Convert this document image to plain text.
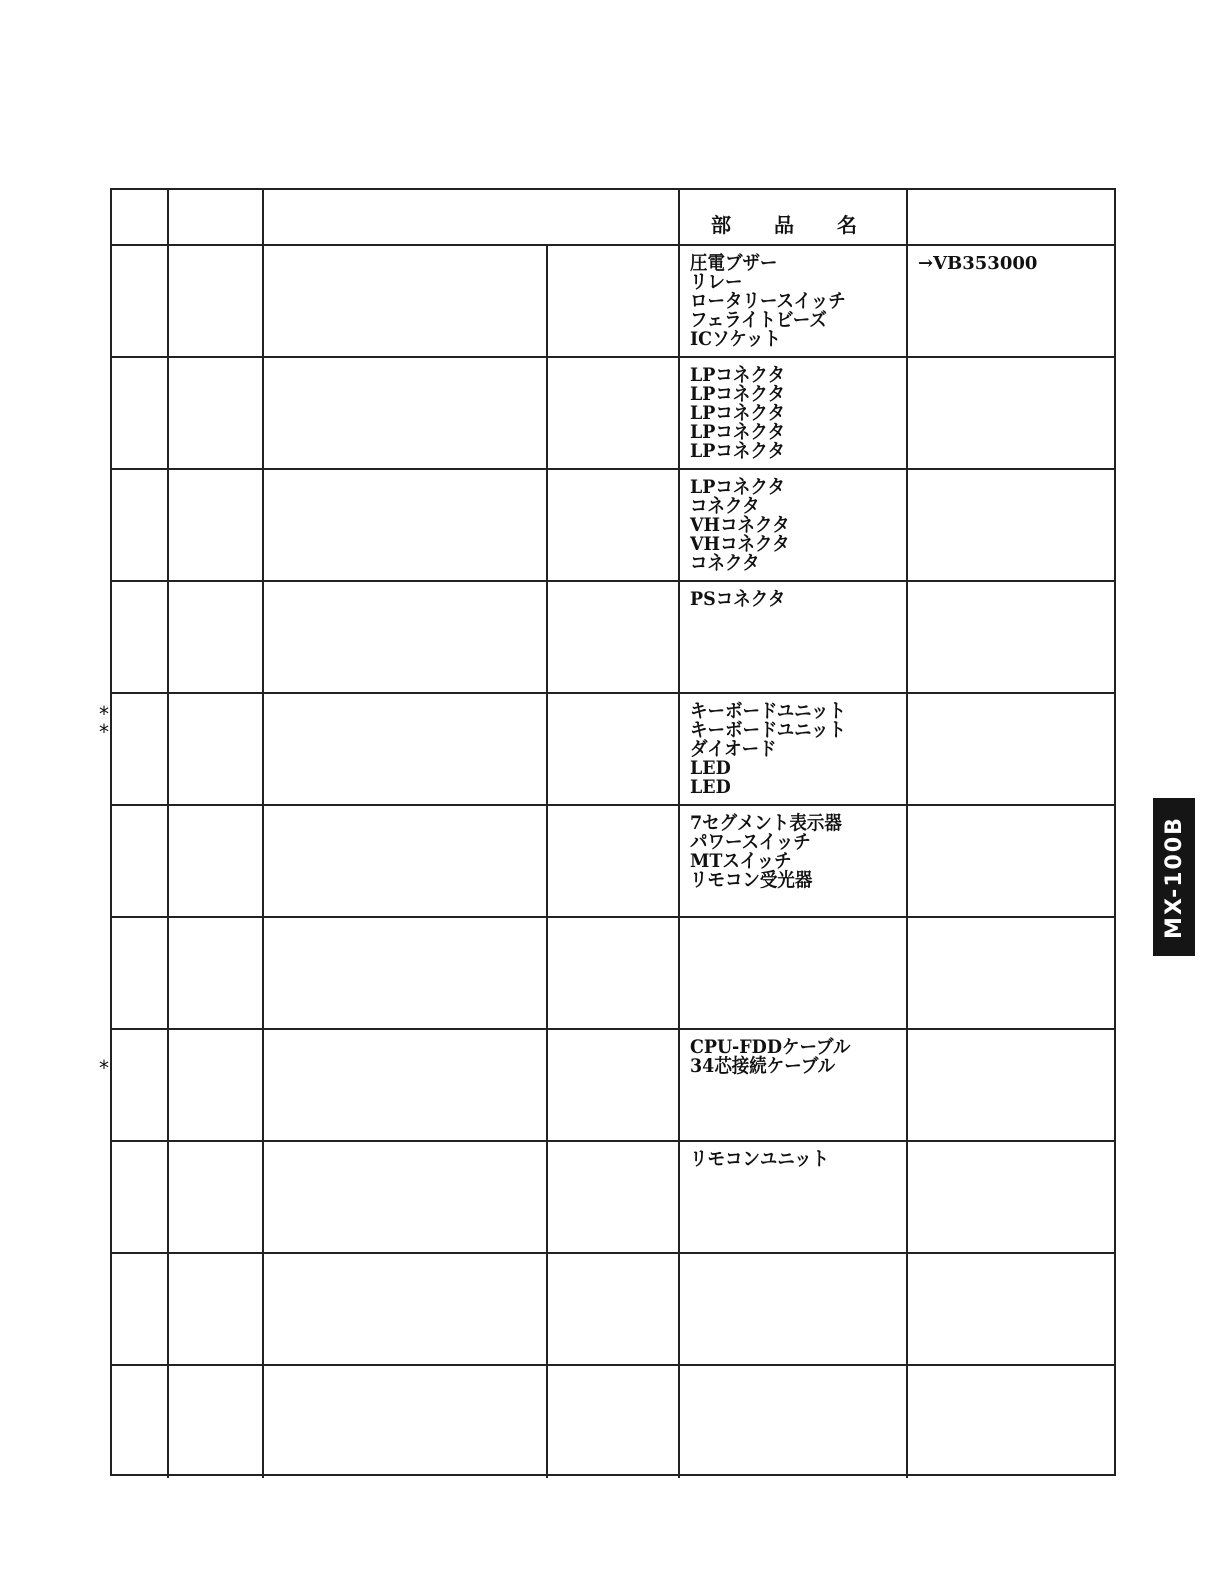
部 品 名
圧電ブザー
リレー
ロータリースイッチ
フェライトビーズ
ICソケット
→VB353000
LPコネクタ
LPコネクタ
LPコネクタ
LPコネクタ
LPコネクタ
LPコネクタ
コネクタ
VHコネクタ
VHコネクタ
コネクタ
PSコネクタ
キーボードユニット
キーボードユニット
ダイオード
LED
LED
7セグメント表示器
パワースイッチ
MTスイッチ
リモコン受光器
CPU-FDDケーブル
34芯接続ケーブル
リモコンユニット
*
*
*
MX-100B
